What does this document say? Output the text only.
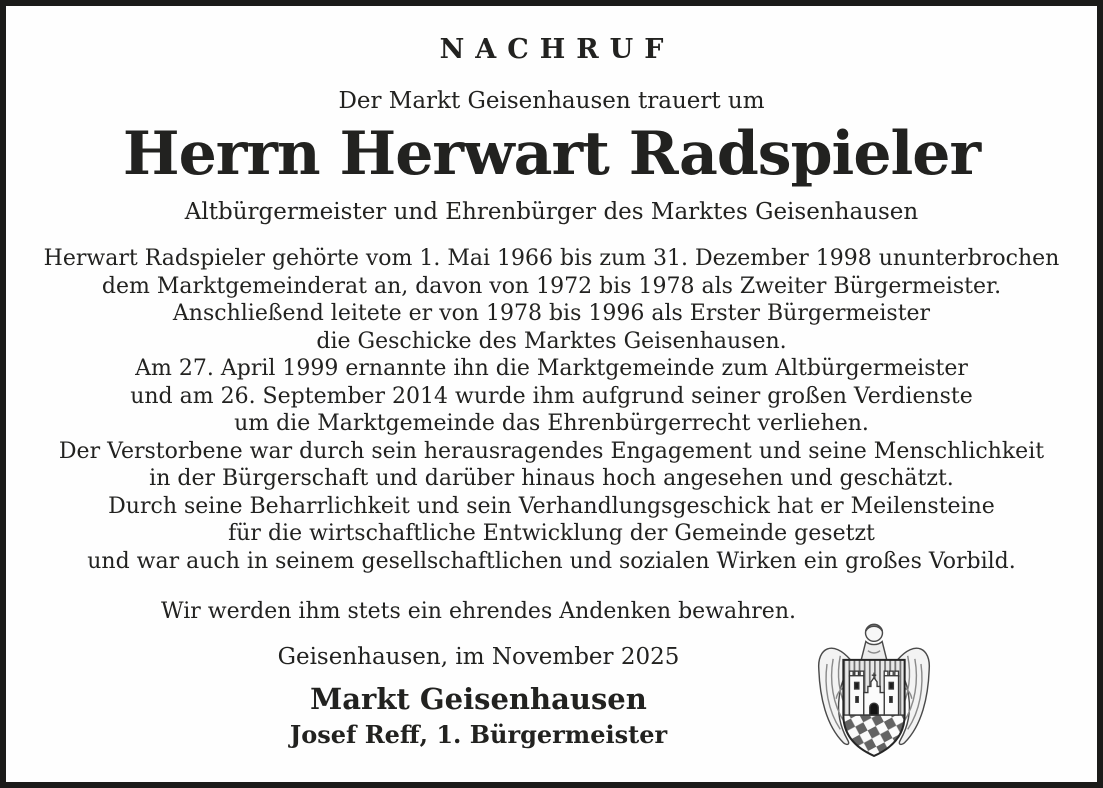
NACHRUF
Der Markt Geisenhausen trauert um
Herrn Herwart Radspieler
Altbürgermeister und Ehrenbürger des Marktes Geisenhausen
Herwart Radspieler gehörte vom 1. Mai 1966 bis zum 31. Dezember 1998 ununterbrochen
dem Marktgemeinderat an, davon von 1972 bis 1978 als Zweiter Bürgermeister.
Anschließend leitete er von 1978 bis 1996 als Erster Bürgermeister
die Geschicke des Marktes Geisenhausen.
Am 27. April 1999 ernannte ihn die Marktgemeinde zum Altbürgermeister
und am 26. September 2014 wurde ihm aufgrund seiner großen Verdienste
um die Marktgemeinde das Ehrenbürgerrecht verliehen.
Der Verstorbene war durch sein herausragendes Engagement und seine Menschlichkeit
in der Bürgerschaft und darüber hinaus hoch angesehen und geschätzt.
Durch seine Beharrlichkeit und sein Verhandlungsgeschick hat er Meilensteine
für die wirtschaftliche Entwicklung der Gemeinde gesetzt
und war auch in seinem gesellschaftlichen und sozialen Wirken ein großes Vorbild.
Wir werden ihm stets ein ehrendes Andenken bewahren.
Geisenhausen, im November 2025
Markt Geisenhausen
Josef Reff, 1. Bürgermeister
